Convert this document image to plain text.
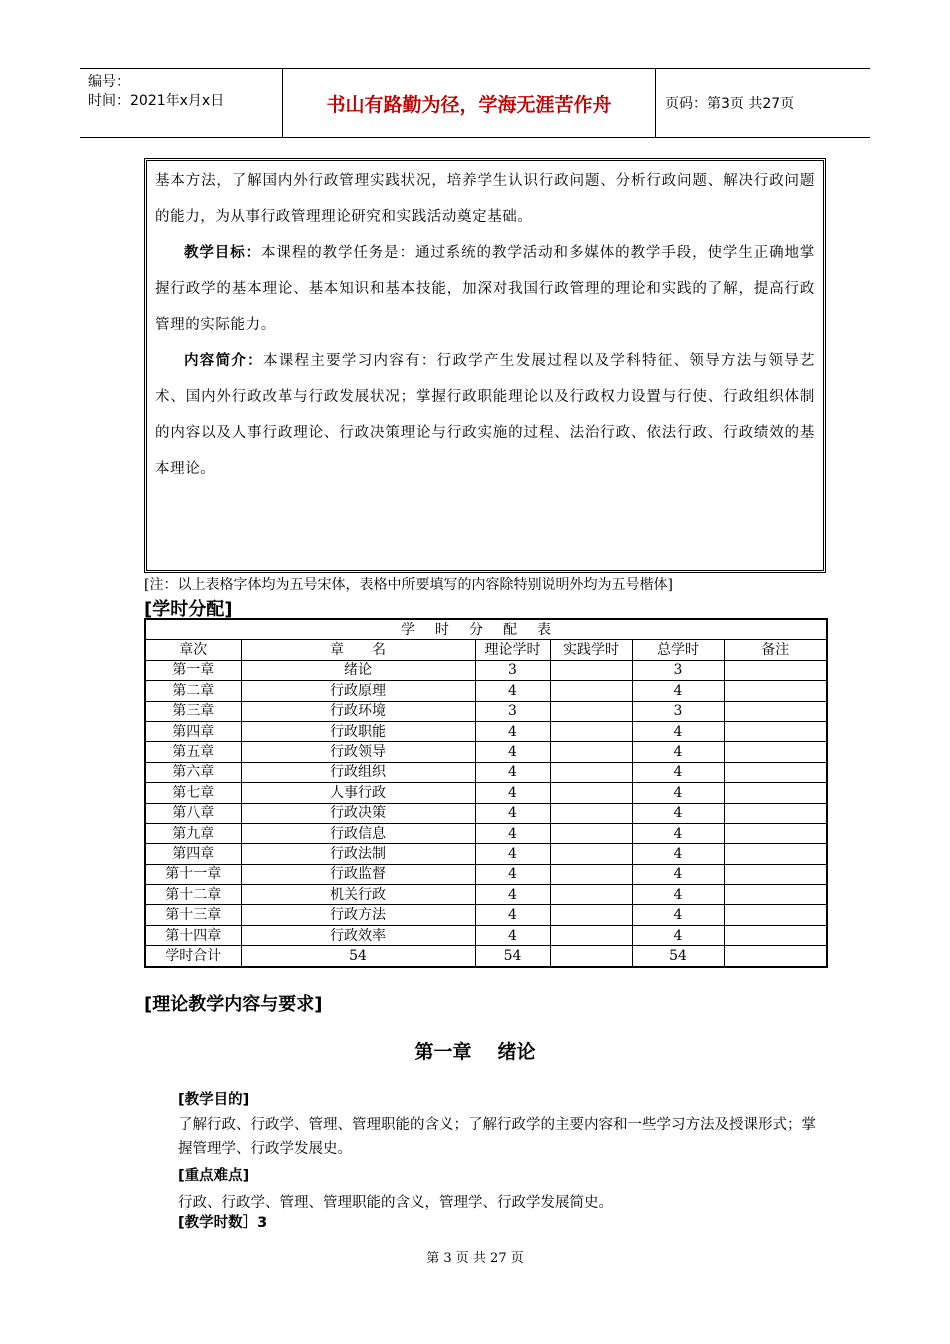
编号：
时间：2021年x月x日	书山有路勤为径，学海无涯苦作舟	页码：第3页 共27页

基本方法，了解国内外行政管理实践状况，培养学生认识行政问题、分析行政问题、解决行政问题的能力，为从事行政管理理论研究和实践活动奠定基础。

教学目标：本课程的教学任务是：通过系统的教学活动和多媒体的教学手段，使学生正确地掌握行政学的基本理论、基本知识和基本技能，加深对我国行政管理的理论和实践的了解，提高行政管理的实际能力。

内容简介：本课程主要学习内容有：行政学产生发展过程以及学科特征、领导方法与领导艺术、国内外行政改革与行政发展状况；掌握行政职能理论以及行政权力设置与行使、行政组织体制的内容以及人事行政理论、行政决策理论与行政实施的过程、法治行政、依法行政、行政绩效的基本理论。

[注：以上表格字体均为五号宋体，表格中所要填写的内容除特别说明外均为五号楷体]
[学时分配]
学时分配表					
章次	章　　名	理论学时	实践学时	总学时	备注
第一章	绪论	3		3	
第二章	行政原理	4		4	
第三章	行政环境	3		3	
第四章	行政职能	4		4	
第五章	行政领导	4		4	
第六章	行政组织	4		4	
第七章	人事行政	4		4	
第八章	行政决策	4		4	
第九章	行政信息	4		4	
第四章	行政法制	4		4	
第十一章	行政监督	4		4	
第十二章	机关行政	4		4	
第十三章	行政方法	4		4	
第十四章	行政效率	4		4	
学时合计	54	54		54	
[理论教学内容与要求]
第一章 绪论
[教学目的]
了解行政、行政学、管理、管理职能的含义；了解行政学的主要内容和一些学习方法及授课形式；掌握管理学、行政学发展史。
[重点难点]
行政、行政学、管理、管理职能的含义，管理学、行政学发展简史。
[教学时数］3
第 3 页 共 27 页
